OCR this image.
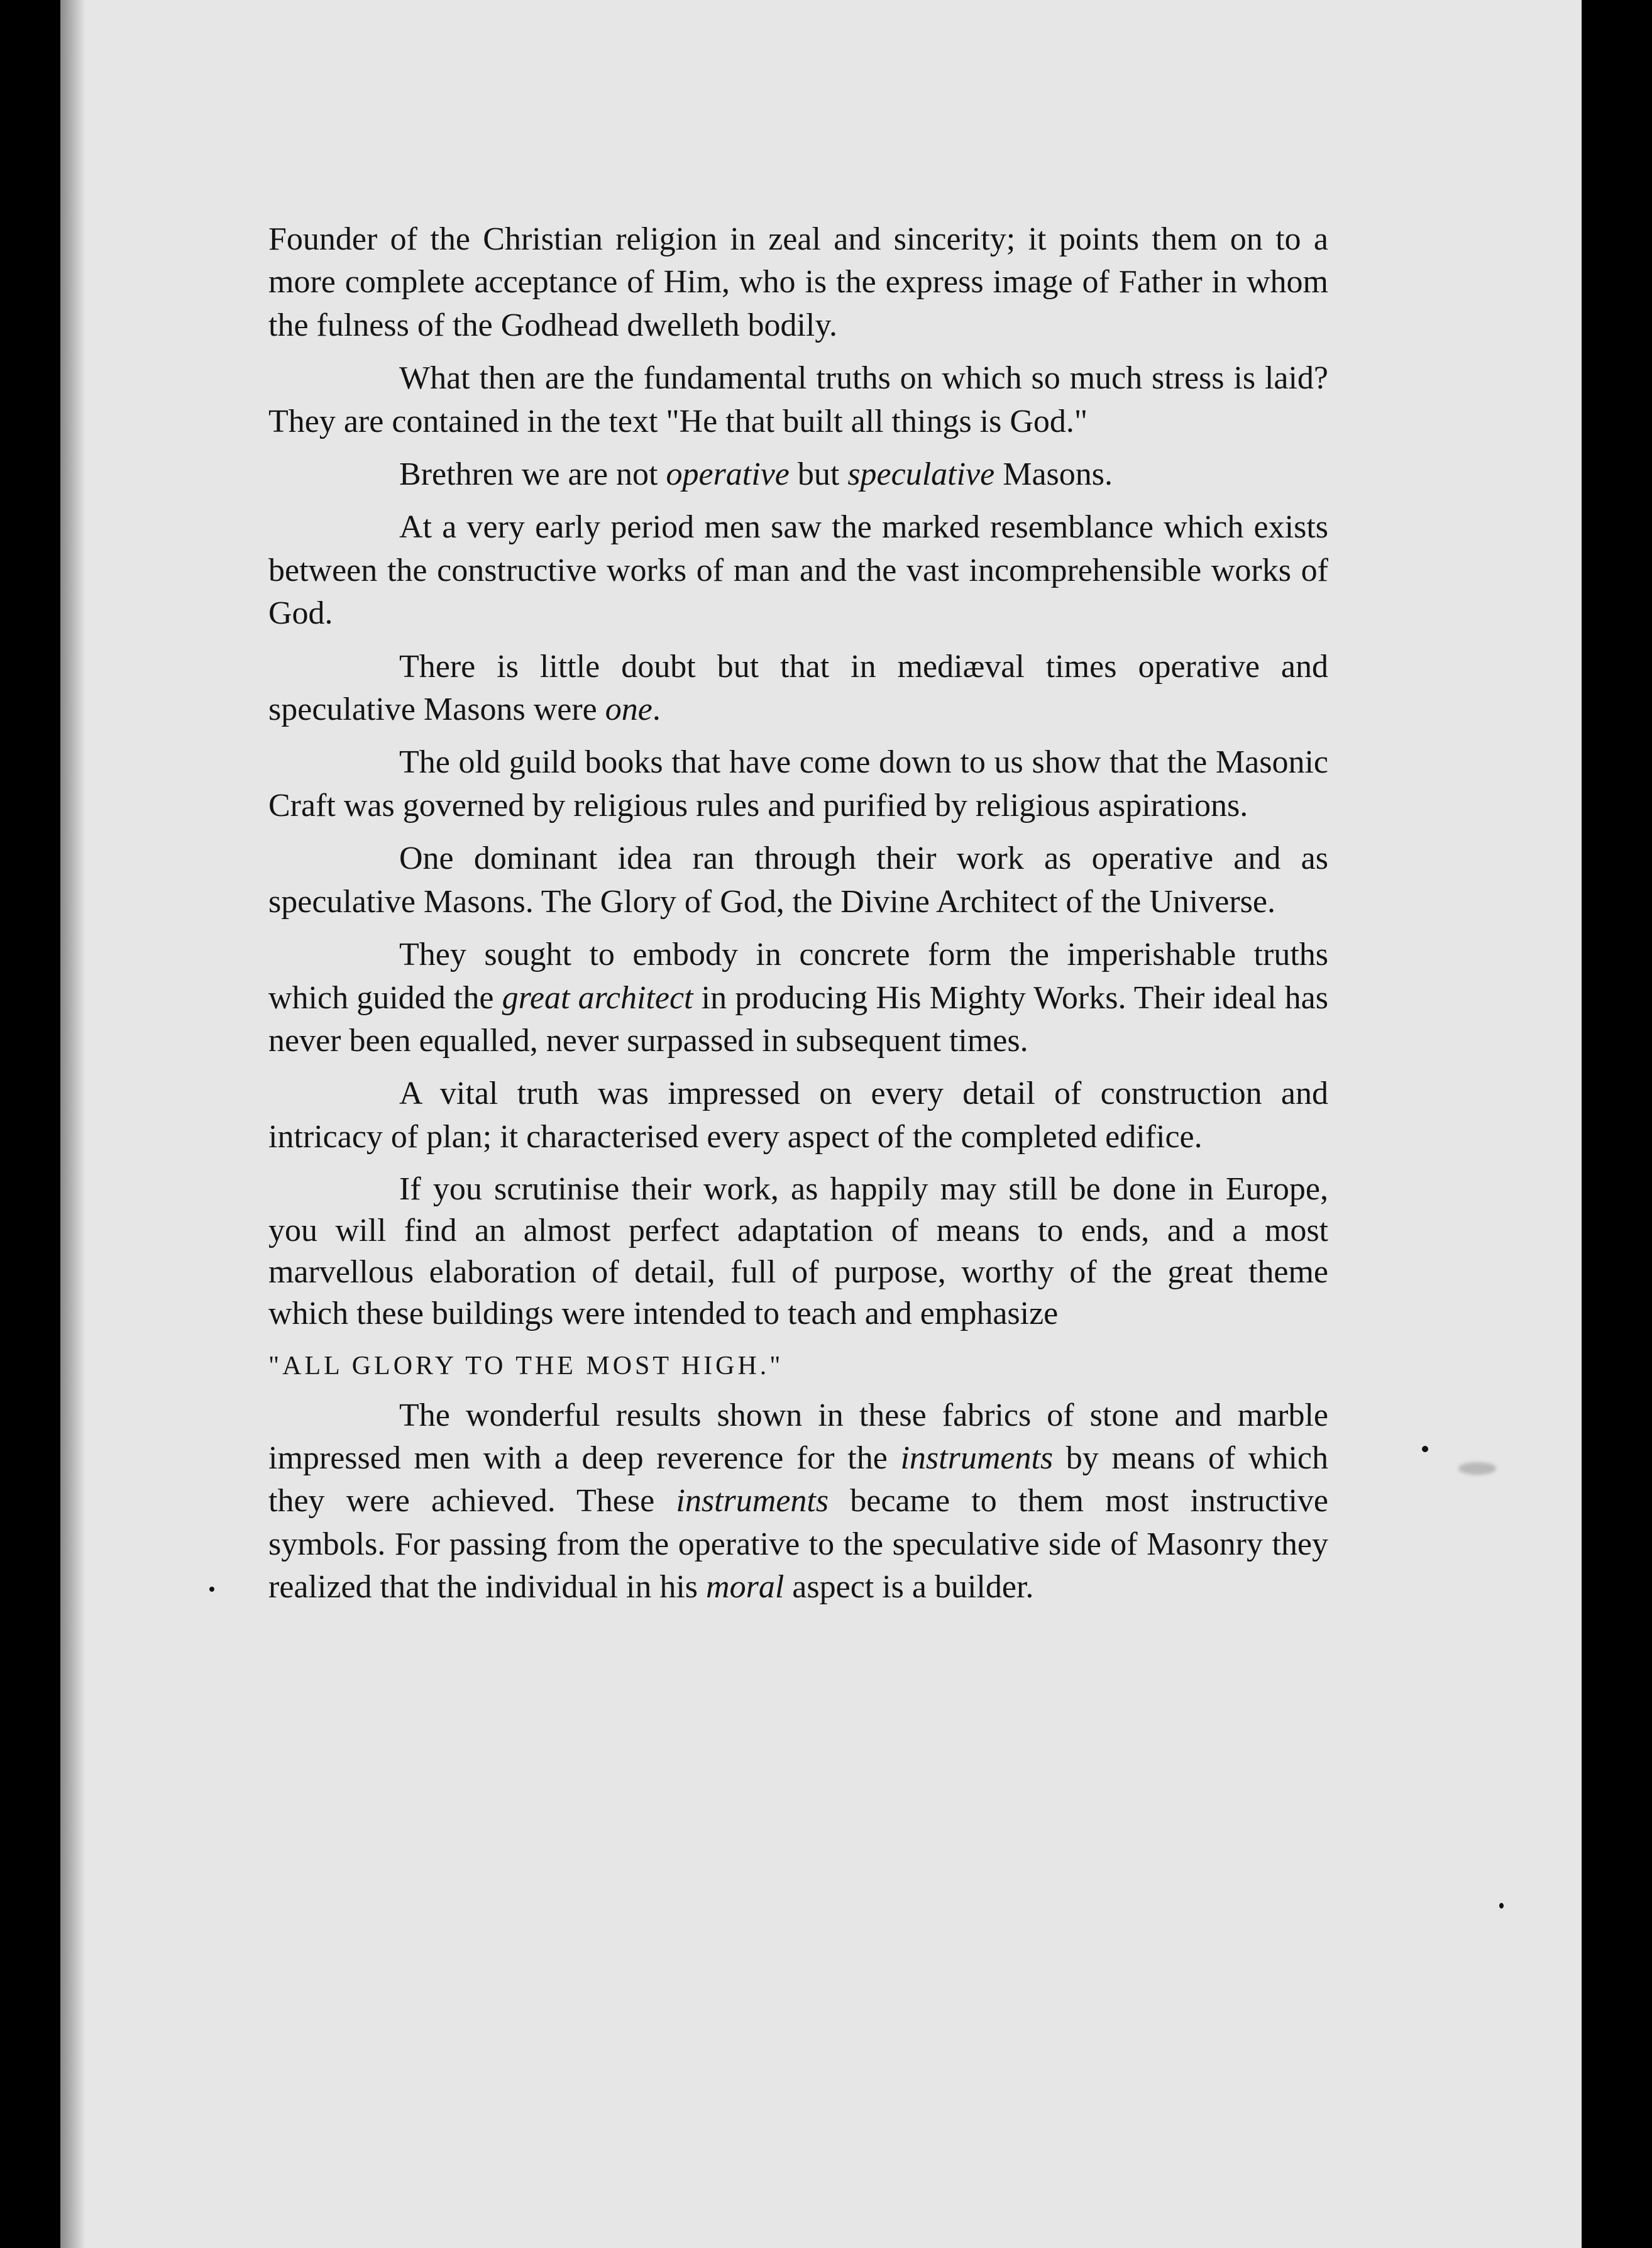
Founder of the Christian religion in zeal and sincerity; it points them on to a more complete acceptance of Him, who is the express image of Father in whom the fulness of the Godhead dwelleth bodily.

What then are the fundamental truths on which so much stress is laid? They are contained in the text "He that built all things is God."

Brethren we are not operative but speculative Masons.

At a very early period men saw the marked resemblance which exists between the constructive works of man and the vast incomprehensible works of God.

There is little doubt but that in mediæval times operative and speculative Masons were one.

The old guild books that have come down to us show that the Masonic Craft was governed by religious rules and purified by religious aspirations.

One dominant idea ran through their work as operative and as speculative Masons. The Glory of God, the Divine Architect of the Universe.

They sought to embody in concrete form the imperishable truths which guided the great architect in producing His Mighty Works. Their ideal has never been equalled, never surpassed in subsequent times.

A vital truth was impressed on every detail of construction and intricacy of plan; it characterised every aspect of the completed edifice.

If you scrutinise their work, as happily may still be done in Europe, you will find an almost perfect adaptation of means to ends, and a most marvellous elaboration of detail, full of purpose, worthy of the great theme which these buildings were intended to teach and emphasize

"ALL GLORY TO THE MOST HIGH."

The wonderful results shown in these fabrics of stone and marble impressed men with a deep reverence for the instruments by means of which they were achieved. These instruments became to them most instructive symbols. For passing from the operative to the speculative side of Masonry they realized that the individual in his moral aspect is a builder.
